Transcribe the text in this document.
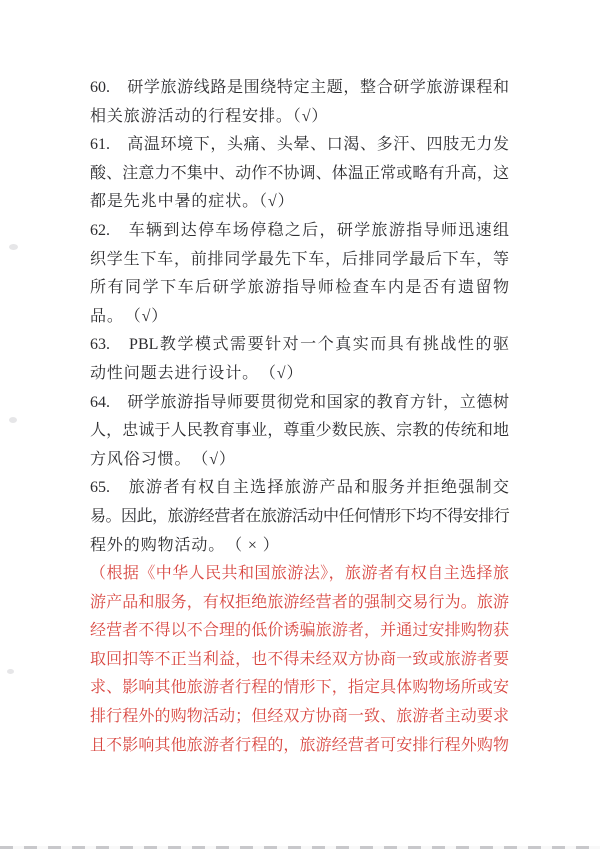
60.　研学旅游线路是围绕特定主题，整合研学旅游课程和
相关旅游活动的行程安排。（√）
61.　高温环境下，头痛、头晕、口渴、多汗、四肢无力发
酸、注意力不集中、动作不协调、体温正常或略有升高，这
都是先兆中暑的症状。（√）
62.　车辆到达停车场停稳之后，研学旅游指导师迅速组
织学生下车，前排同学最先下车，后排同学最后下车，等
所有同学下车后研学旅游指导师检查车内是否有遗留物
品。　（√）
63.　PBL教学模式需要针对一个真实而具有挑战性的驱
动性问题去进行设计。　（√）
64.　研学旅游指导师要贯彻党和国家的教育方针，立德树
人，忠诚于人民教育事业，尊重少数民族、宗教的传统和地
方风俗习惯。　（√）
65.　旅游者有权自主选择旅游产品和服务并拒绝强制交
易。因此，旅游经营者在旅游活动中任何情形下均不得安排行
程外的购物活动。　（ × ）
（根据《中华人民共和国旅游法》，旅游者有权自主选择旅
游产品和服务，有权拒绝旅游经营者的强制交易行为。旅游
经营者不得以不合理的低价诱骗旅游者，并通过安排购物获
取回扣等不正当利益，也不得未经双方协商一致或旅游者要
求、影响其他旅游者行程的情形下，指定具体购物场所或安
排行程外的购物活动；但经双方协商一致、旅游者主动要求
且不影响其他旅游者行程的，旅游经营者可安排行程外购物
